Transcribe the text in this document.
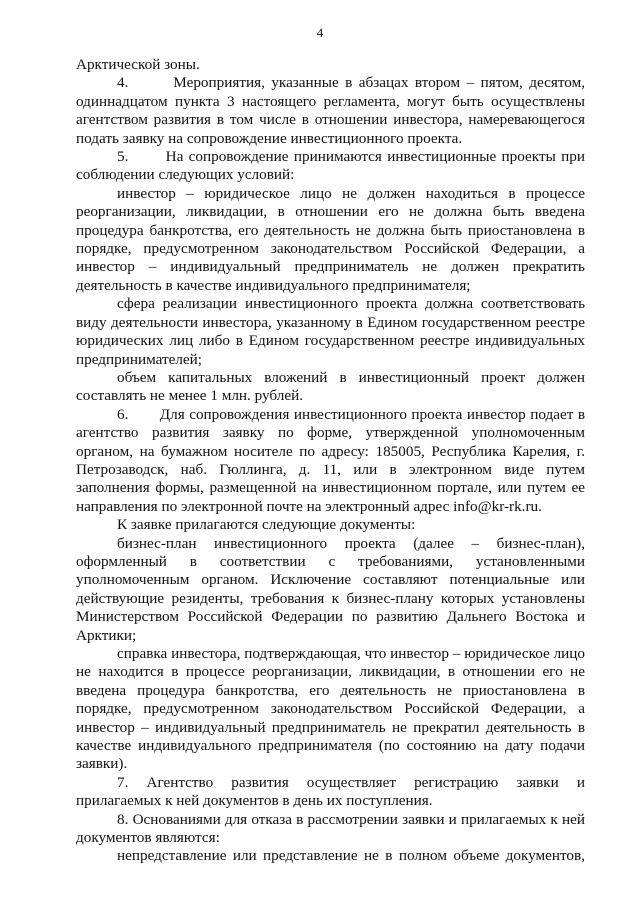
4

Арктической зоны.

4.       Мероприятия, указанные в абзацах втором – пятом, десятом, одиннадцатом пункта 3 настоящего регламента, могут быть осуществлены агентством развития в том числе в отношении инвестора, намеревающегося подать заявку на сопровождение инвестиционного проекта.

5.       На сопровождение принимаются инвестиционные проекты при соблюдении следующих условий:

инвестор – юридическое лицо не должен находиться в процессе реорганизации, ликвидации, в отношении его не должна быть введена процедура банкротства, его деятельность не должна быть приостановлена в порядке, предусмотренном законодательством Российской Федерации, а инвестор – индивидуальный предприниматель не должен прекратить деятельность в качестве индивидуального предпринимателя;

сфера реализации инвестиционного проекта должна соответствовать виду деятельности инвестора, указанному в Едином государственном реестре юридических лиц либо в Едином государственном реестре индивидуальных предпринимателей;

объем капитальных вложений в инвестиционный проект должен составлять не менее 1 млн. рублей.

6.       Для сопровождения инвестиционного проекта инвестор подает в агентство развития заявку по форме, утвержденной уполномоченным органом, на бумажном носителе по адресу: 185005, Республика Карелия, г. Петрозаводск, наб. Гюллинга, д. 11, или в электронном виде путем заполнения формы, размещенной на инвестиционном портале, или путем ее направления по электронной почте на электронный адрес info@kr-rk.ru.

К заявке прилагаются следующие документы:

бизнес-план инвестиционного проекта (далее – бизнес-план), оформленный в соответствии с требованиями, установленными уполномоченным органом. Исключение составляют потенциальные или действующие резиденты, требования к бизнес-плану которых установлены Министерством Российской Федерации по развитию Дальнего Востока и Арктики;

справка инвестора, подтверждающая, что инвестор – юридическое лицо не находится в процессе реорганизации, ликвидации, в отношении его не введена процедура банкротства, его деятельность не приостановлена в порядке, предусмотренном законодательством Российской Федерации, а инвестор – индивидуальный предприниматель не прекратил деятельность в качестве индивидуального предпринимателя (по состоянию на дату подачи заявки).

7. Агентство развития осуществляет регистрацию заявки и прилагаемых к ней документов в день их поступления.

8. Основаниями для отказа в рассмотрении заявки и прилагаемых к ней документов являются:

непредставление или представление не в полном объеме документов,
